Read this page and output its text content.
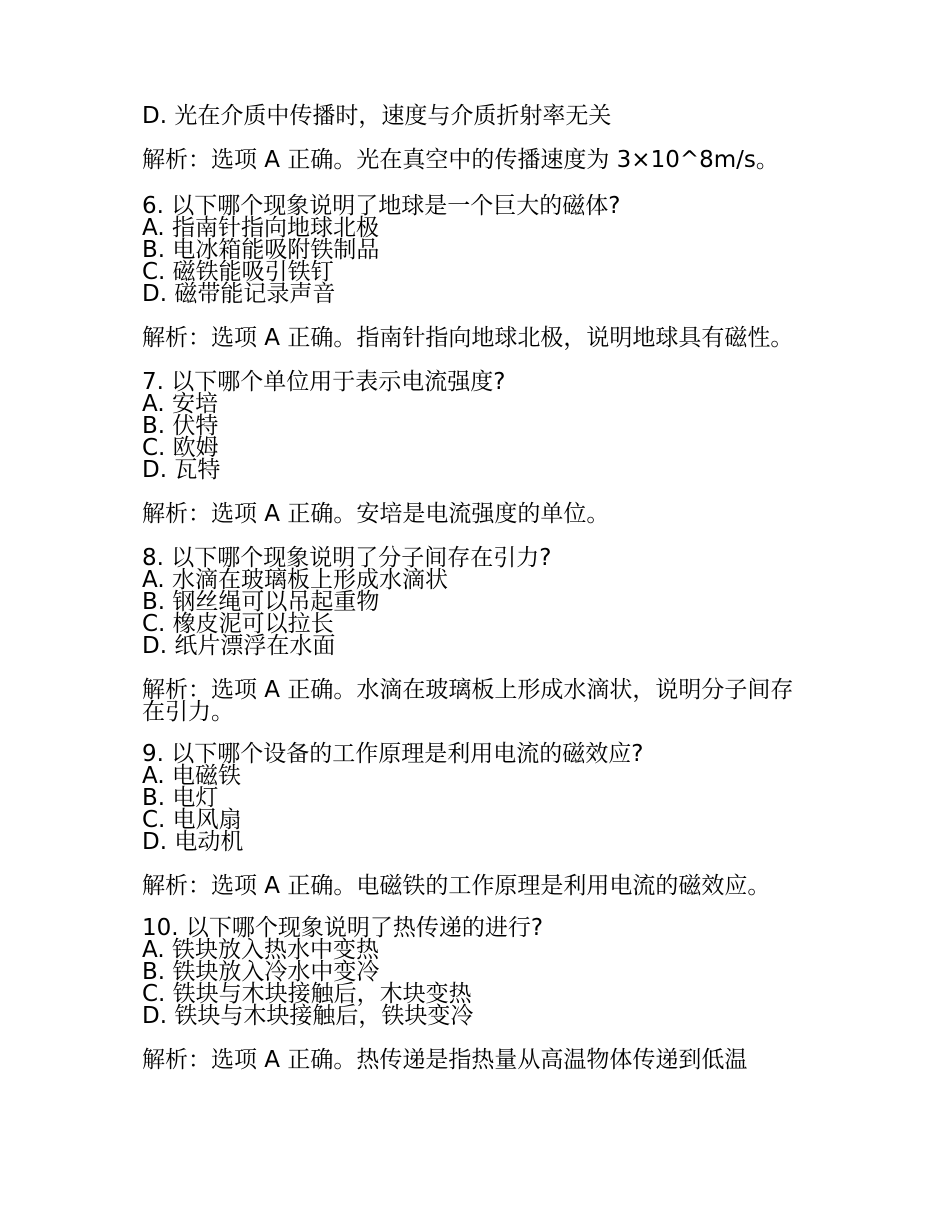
D. 光在介质中传播时，速度与介质折射率无关
解析：选项 A 正确。光在真空中的传播速度为 3×10^8m/s。
6. 以下哪个现象说明了地球是一个巨大的磁体?
A. 指南针指向地球北极
B. 电冰箱能吸附铁制品
C. 磁铁能吸引铁钉
D. 磁带能记录声音
解析：选项 A 正确。指南针指向地球北极，说明地球具有磁性。
7. 以下哪个单位用于表示电流强度?
A. 安培
B. 伏特
C. 欧姆
D. 瓦特
解析：选项 A 正确。安培是电流强度的单位。
8. 以下哪个现象说明了分子间存在引力?
A. 水滴在玻璃板上形成水滴状
B. 钢丝绳可以吊起重物
C. 橡皮泥可以拉长
D. 纸片漂浮在水面
解析：选项 A 正确。水滴在玻璃板上形成水滴状，说明分子间存在引力。
9. 以下哪个设备的工作原理是利用电流的磁效应?
A. 电磁铁
B. 电灯
C. 电风扇
D. 电动机
解析：选项 A 正确。电磁铁的工作原理是利用电流的磁效应。
10. 以下哪个现象说明了热传递的进行?
A. 铁块放入热水中变热
B. 铁块放入冷水中变冷
C. 铁块与木块接触后，木块变热
D. 铁块与木块接触后，铁块变冷
解析：选项 A 正确。热传递是指热量从高温物体传递到低温
